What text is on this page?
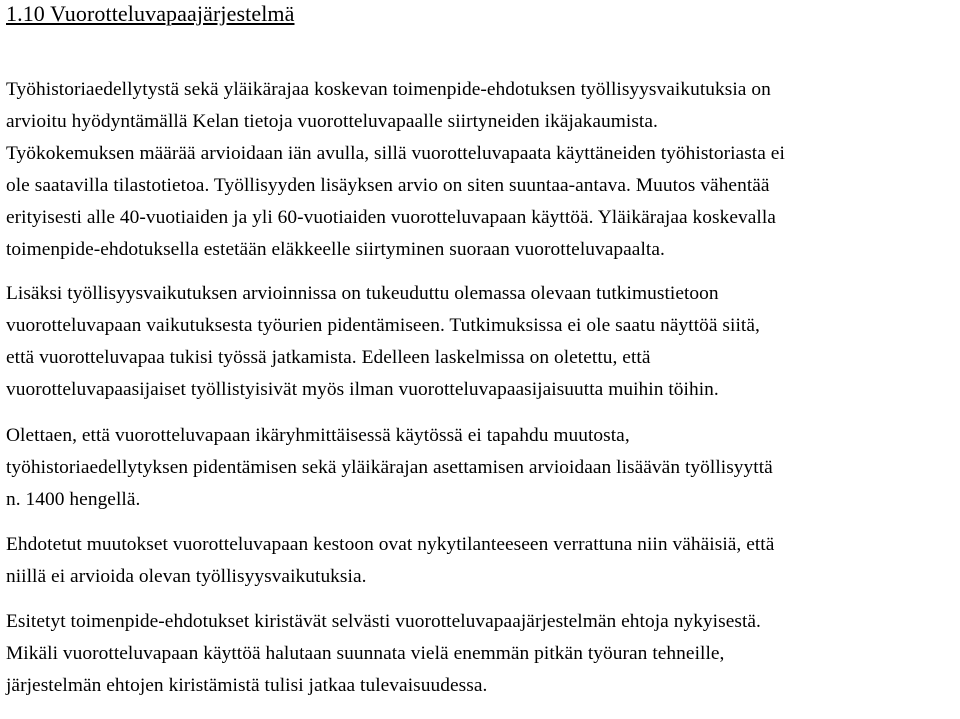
1.10 Vuorotteluvapaajärjestelmä

Työhistoriaedellytystä sekä yläikärajaa koskevan toimenpide-ehdotuksen työllisyysvaikutuksia on
arvioitu hyödyntämällä Kelan tietoja vuorotteluvapaalle siirtyneiden ikäjakaumista.
Työkokemuksen määrää arvioidaan iän avulla, sillä vuorotteluvapaata käyttäneiden työhistoriasta ei
ole saatavilla tilastotietoa. Työllisyyden lisäyksen arvio on siten suuntaa-antava. Muutos vähentää
erityisesti alle 40-vuotiaiden ja yli 60-vuotiaiden vuorotteluvapaan käyttöä. Yläikärajaa koskevalla
toimenpide-ehdotuksella estetään eläkkeelle siirtyminen suoraan vuorotteluvapaalta.

Lisäksi työllisyysvaikutuksen arvioinnissa on tukeuduttu olemassa olevaan tutkimustietoon
vuorotteluvapaan vaikutuksesta työurien pidentämiseen. Tutkimuksissa ei ole saatu näyttöä siitä,
että vuorotteluvapaa tukisi työssä jatkamista. Edelleen laskelmissa on oletettu, että
vuorotteluvapaasijaiset työllistyisivät myös ilman vuorotteluvapaasijaisuutta muihin töihin.

Olettaen, että vuorotteluvapaan ikäryhmittäisessä käytössä ei tapahdu muutosta,
työhistoriaedellytyksen pidentämisen sekä yläikärajan asettamisen arvioidaan lisäävän työllisyyttä
n. 1400 hengellä.

Ehdotetut muutokset vuorotteluvapaan kestoon ovat nykytilanteeseen verrattuna niin vähäisiä, että
niillä ei arvioida olevan työllisyysvaikutuksia.

Esitetyt toimenpide-ehdotukset kiristävät selvästi vuorotteluvapaajärjestelmän ehtoja nykyisestä.
Mikäli vuorotteluvapaan käyttöä halutaan suunnata vielä enemmän pitkän työuran tehneille,
järjestelmän ehtojen kiristämistä tulisi jatkaa tulevaisuudessa.
